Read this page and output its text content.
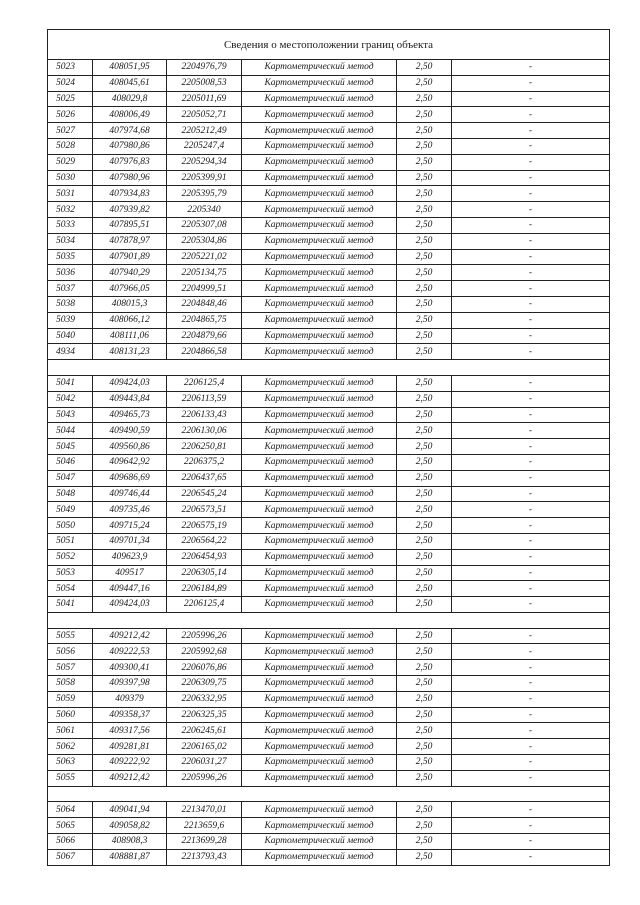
Сведения о местоположении границ объекта					
5023	408051,95	2204976,79	Картометрический метод	2,50	-
5024	408045,61	2205008,53	Картометрический метод	2,50	-
5025	408029,8	2205011,69	Картометрический метод	2,50	-
5026	408006,49	2205052,71	Картометрический метод	2,50	-
5027	407974,68	2205212,49	Картометрический метод	2,50	-
5028	407980,86	2205247,4	Картометрический метод	2,50	-
5029	407976,83	2205294,34	Картометрический метод	2,50	-
5030	407980,96	2205399,91	Картометрический метод	2,50	-
5031	407934,83	2205395,79	Картометрический метод	2,50	-
5032	407939,82	2205340	Картометрический метод	2,50	-
5033	407895,51	2205307,08	Картометрический метод	2,50	-
5034	407878,97	2205304,86	Картометрический метод	2,50	-
5035	407901,89	2205221,02	Картометрический метод	2,50	-
5036	407940,29	2205134,75	Картометрический метод	2,50	-
5037	407966,05	2204999,51	Картометрический метод	2,50	-
5038	408015,3	2204848,46	Картометрический метод	2,50	-
5039	408066,12	2204865,75	Картометрический метод	2,50	-
5040	408111,06	2204879,66	Картометрический метод	2,50	-
4934	408131,23	2204866,58	Картометрический метод	2,50	-

5041	409424,03	2206125,4	Картометрический метод	2,50	-
5042	409443,84	2206113,59	Картометрический метод	2,50	-
5043	409465,73	2206133,43	Картометрический метод	2,50	-
5044	409490,59	2206130,06	Картометрический метод	2,50	-
5045	409560,86	2206250,81	Картометрический метод	2,50	-
5046	409642,92	2206375,2	Картометрический метод	2,50	-
5047	409686,69	2206437,65	Картометрический метод	2,50	-
5048	409746,44	2206545,24	Картометрический метод	2,50	-
5049	409735,46	2206573,51	Картометрический метод	2,50	-
5050	409715,24	2206575,19	Картометрический метод	2,50	-
5051	409701,34	2206564,22	Картометрический метод	2,50	-
5052	409623,9	2206454,93	Картометрический метод	2,50	-
5053	409517	2206305,14	Картометрический метод	2,50	-
5054	409447,16	2206184,89	Картометрический метод	2,50	-
5041	409424,03	2206125,4	Картометрический метод	2,50	-

5055	409212,42	2205996,26	Картометрический метод	2,50	-
5056	409222,53	2205992,68	Картометрический метод	2,50	-
5057	409300,41	2206076,86	Картометрический метод	2,50	-
5058	409397,98	2206309,75	Картометрический метод	2,50	-
5059	409379	2206332,95	Картометрический метод	2,50	-
5060	409358,37	2206325,35	Картометрический метод	2,50	-
5061	409317,56	2206245,61	Картометрический метод	2,50	-
5062	409281,81	2206165,02	Картометрический метод	2,50	-
5063	409222,92	2206031,27	Картометрический метод	2,50	-
5055	409212,42	2205996,26	Картометрический метод	2,50	-

5064	409041,94	2213470,01	Картометрический метод	2,50	-
5065	409058,82	2213659,6	Картометрический метод	2,50	-
5066	408908,3	2213699,28	Картометрический метод	2,50	-
5067	408881,87	2213793,43	Картометрический метод	2,50	-
